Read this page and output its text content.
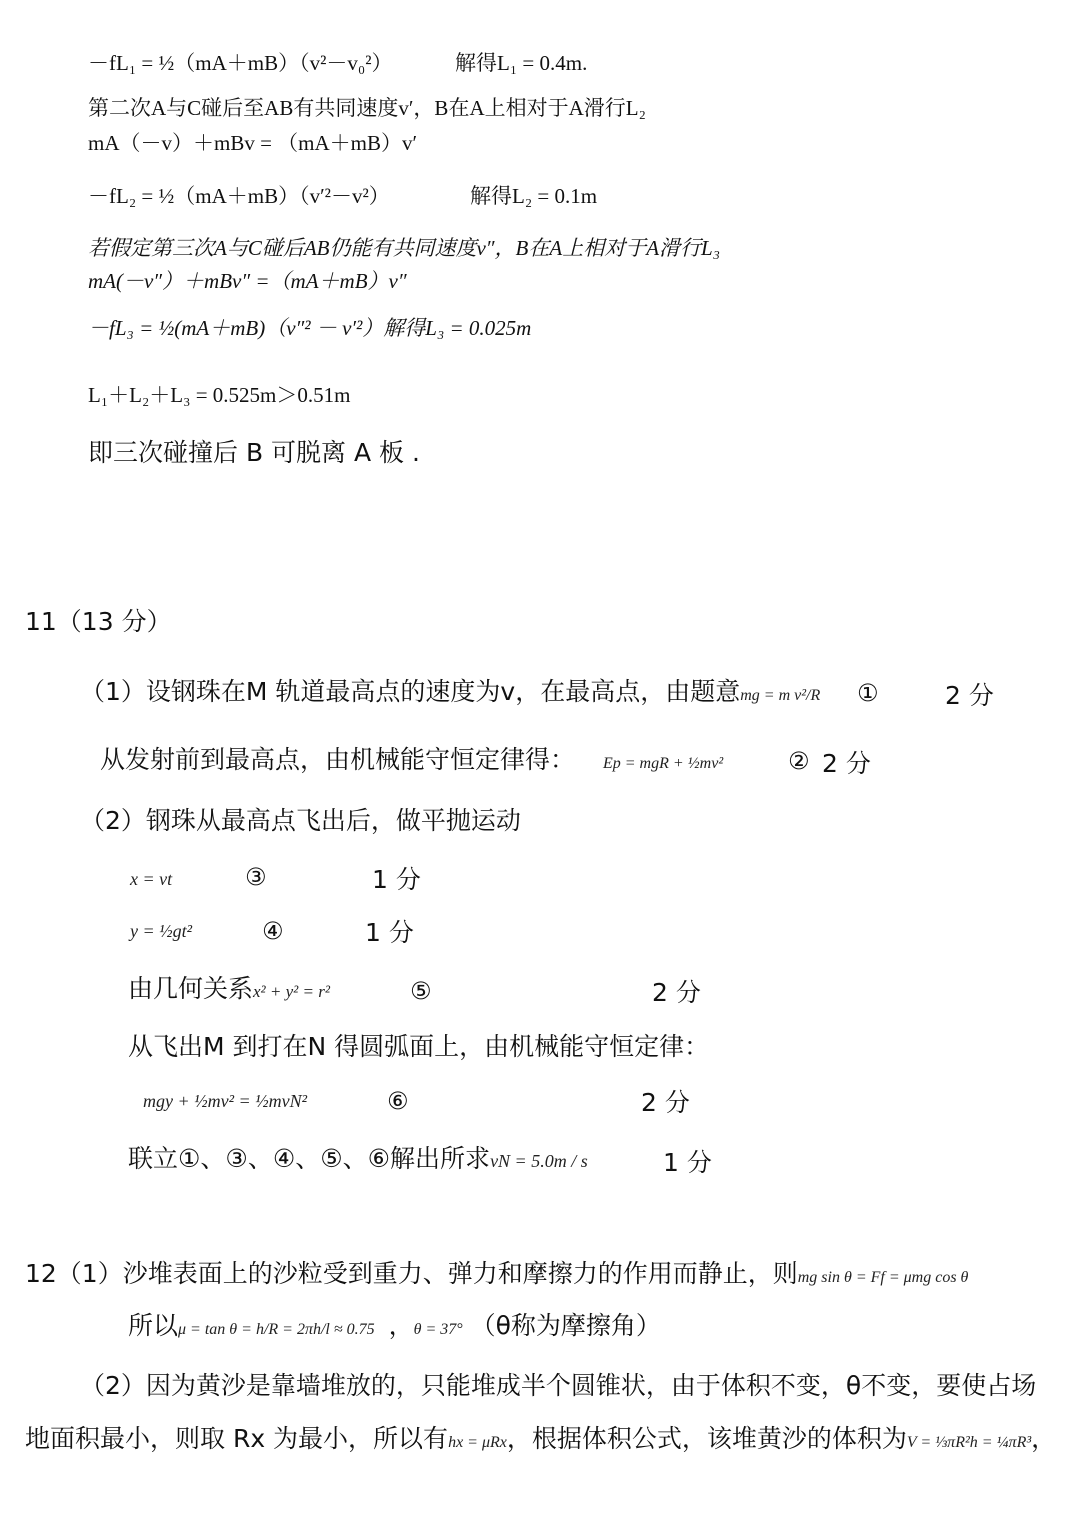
－fL₁ = ½（mA＋mB）（v²－v₀²）	解得L₁ = 0.4m.
第二次A与C碰后至AB有共同速度v′，B在A上相对于A滑行L₂
mA（－v）＋mBv = （mA＋mB）v′
－fL₂ = ½（mA＋mB）（v′²－v²）	解得L₂ = 0.1m
若假定第三次A与C碰后AB仍能有共同速度v″，B在A上相对于A滑行L₃
mA(－v″）＋mBv″ =（mA＋mB）v″
－fL₃ = ½(mA＋mB)（v″² － v′²）解得L₃ = 0.025m
L₁＋L₂＋L₃ = 0.525m＞0.51m
即三次碰撞后 B 可脱离 A 板 .
11（13 分）
（1）设钢珠在M 轨道最高点的速度为v，在最高点，由题意mg = m v²/R ①	2 分
从发射前到最高点，由机械能守恒定律得： Ep = mgR + ½mv²	② 2 分
（2）钢珠从最高点飞出后，做平抛运动
x = vt	③	1 分
y = ½gt²	④	1 分
由几何关系x² + y² = r²	⑤	2 分
从飞出M 到打在N 得圆弧面上，由机械能守恒定律：
mgy + ½mv² = ½mvN²	⑥	2 分
联立①、③、④、⑤、⑥解出所求vN = 5.0m / s	1 分
12（1）沙堆表面上的沙粒受到重力、弹力和摩擦力的作用而静止，则mg sin θ = Ff = μmg cos θ
所以μ = tan θ = h/R = 2πh/l ≈ 0.75 ，θ = 37° （θ称为摩擦角）
（2）因为黄沙是靠墙堆放的，只能堆成半个圆锥状，由于体积不变，θ不变，要使占场
地面积最小，则取 Rx 为最小，所以有hx = μRx，根据体积公式，该堆黄沙的体积为V = ⅓πR²h = ¼πR³，
